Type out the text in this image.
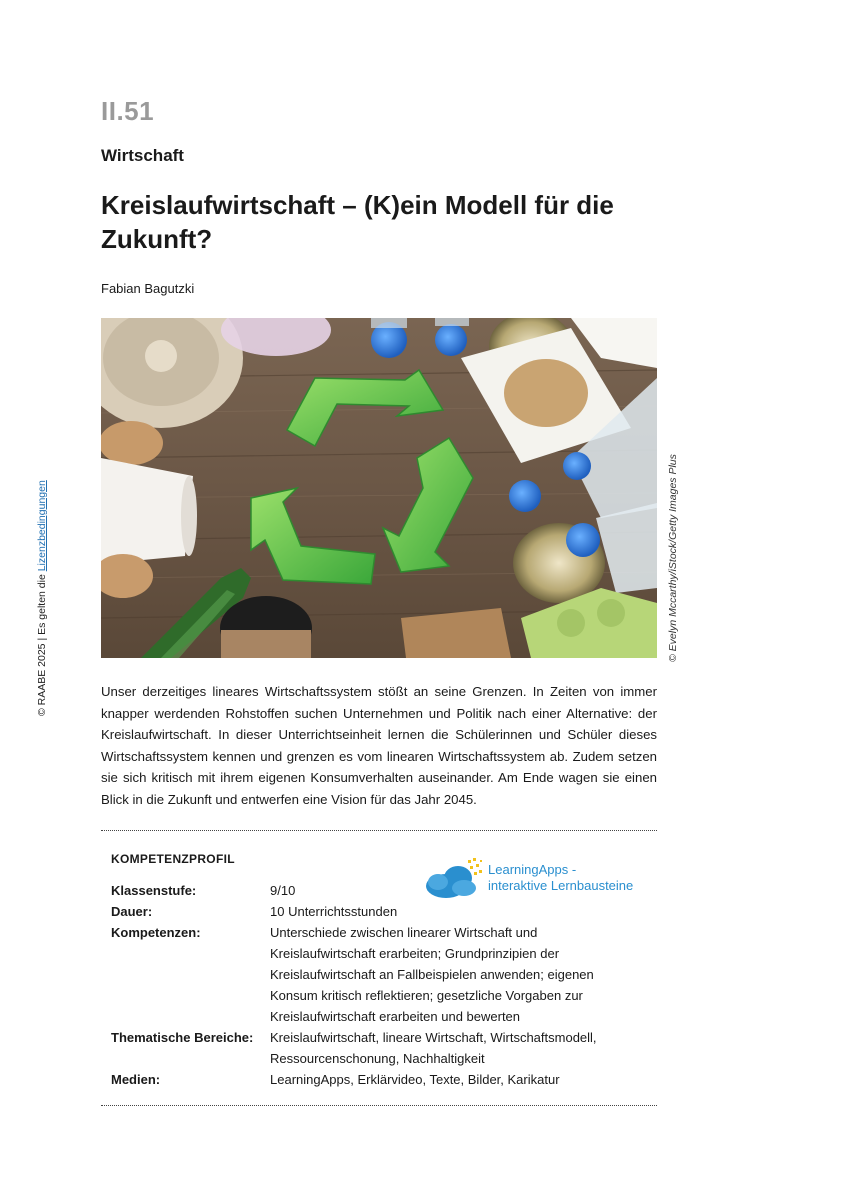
II.51
Wirtschaft
Kreislaufwirtschaft – (K)ein Modell für die Zukunft?
Fabian Bagutzki
© Evelyn Mccarthy/iStock/Getty Images Plus
© RAABE 2025 | Es gelten die Lizenzbedingungen
Unser derzeitiges lineares Wirtschaftssystem stößt an seine Grenzen. In Zeiten von immer knapper werdenden Rohstoffen suchen Unternehmen und Politik nach einer Alternative: der Kreislaufwirtschaft. In dieser Unterrichtseinheit lernen die Schülerinnen und Schüler dieses Wirtschaftssystem kennen und grenzen es vom linearen Wirtschaftssystem ab. Zudem setzen sie sich kritisch mit ihrem eigenen Konsumverhalten auseinander. Am Ende wagen sie einen Blick in die Zukunft und entwerfen eine Vision für das Jahr 2045.
KOMPETENZPROFIL
LearningApps -
interaktive Lernbausteine
Klassenstufe:	9/10
Dauer:	10 Unterrichtsstunden
Kompetenzen:	Unterschiede zwischen linearer Wirtschaft und Kreislaufwirtschaft erarbeiten; Grundprinzipien der Kreislaufwirtschaft an Fallbeispielen anwenden; eigenen Konsum kritisch reflektieren; gesetzliche Vorgaben zur Kreislaufwirtschaft erarbeiten und bewerten
Thematische Bereiche:	Kreislaufwirtschaft, lineare Wirtschaft, Wirtschaftsmodell, Ressourcenschonung, Nachhaltigkeit
Medien:	LearningApps, Erklärvideo, Texte, Bilder, Karikatur
